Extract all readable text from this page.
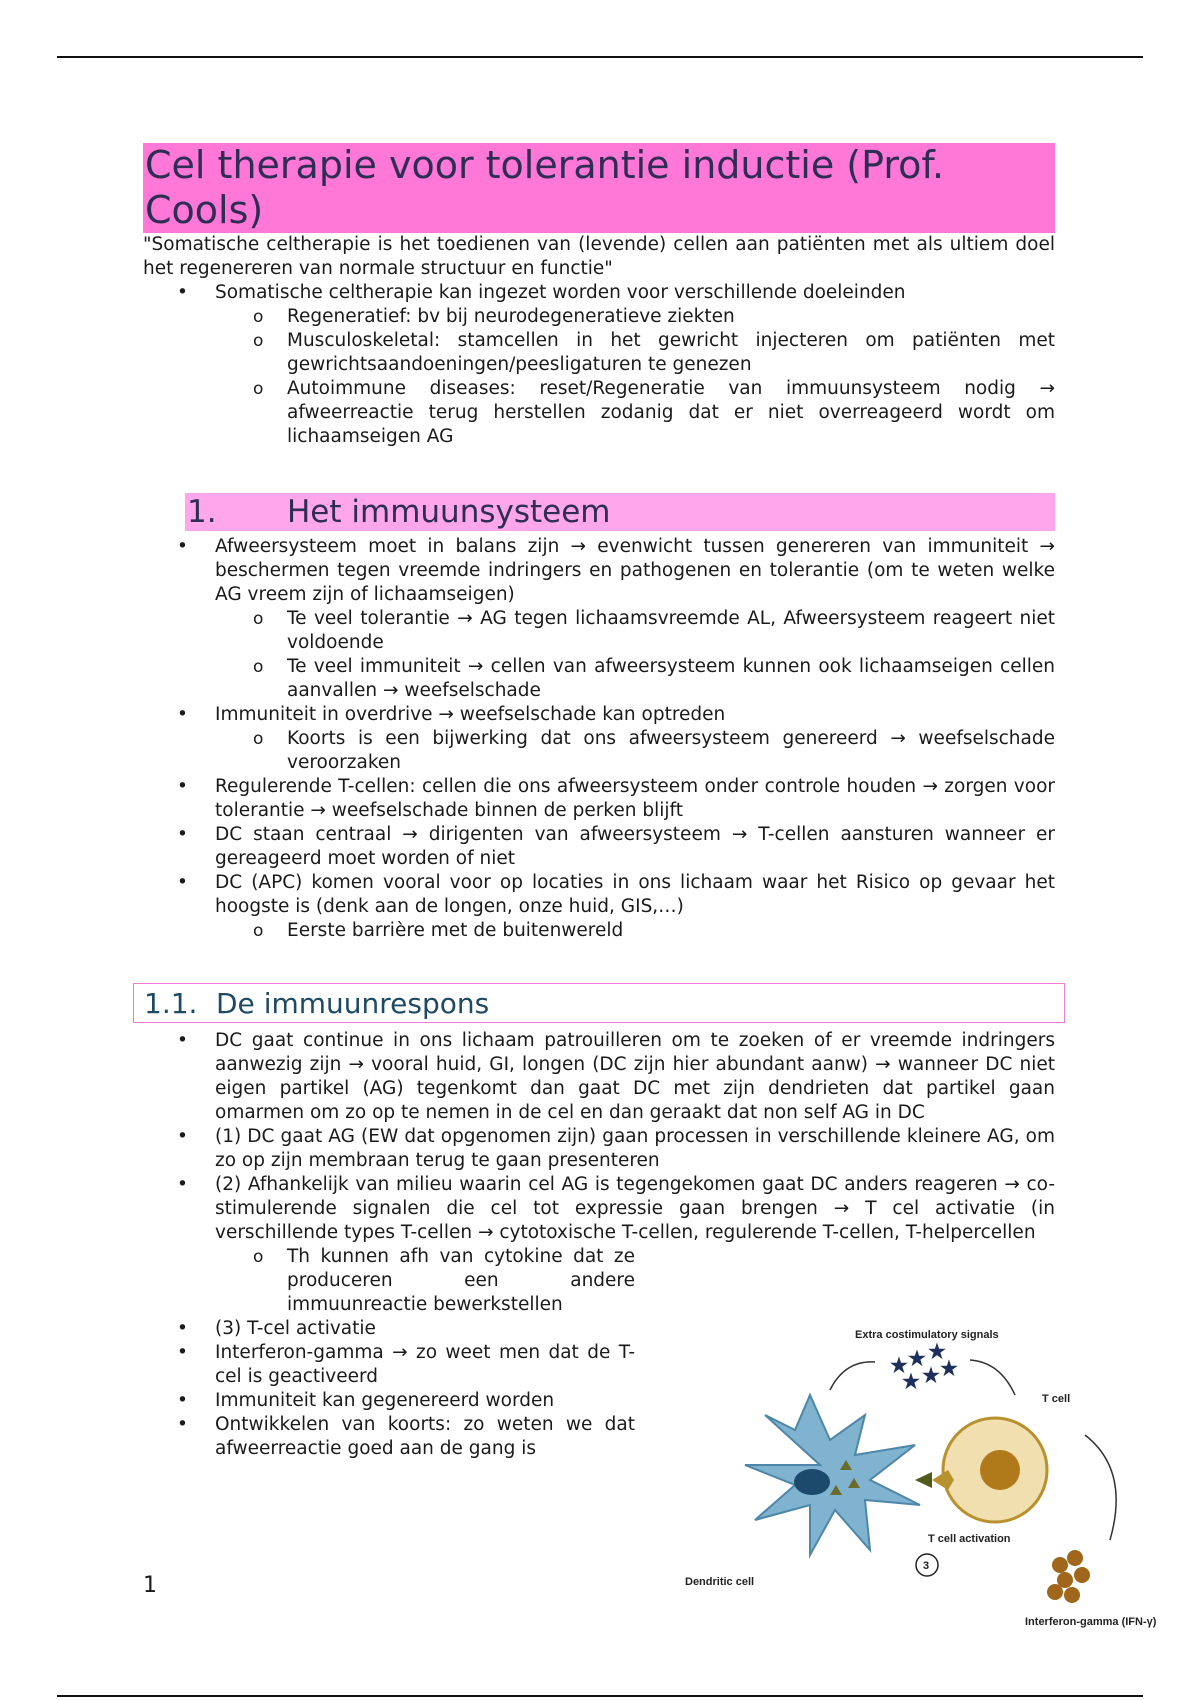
Cel therapie voor tolerantie inductie (Prof. Cools)

"Somatische celtherapie is het toedienen van (levende) cellen aan patiënten met als ultiem doel het regenereren van normale structuur en functie"

• Somatische celtherapie kan ingezet worden voor verschillende doeleinden
o Regeneratief: bv bij neurodegeneratieve ziekten
o Musculoskeletal: stamcellen in het gewricht injecteren om patiënten met gewrichtsaandoeningen/peesligaturen te genezen
o Autoimmune diseases: reset/Regeneratie van immuunsysteem nodig → afweerreactie terug herstellen zodanig dat er niet overreageerd wordt om lichaamseigen AG
1.	Het immuunsysteem
• Afweersysteem moet in balans zijn → evenwicht tussen genereren van immuniteit → beschermen tegen vreemde indringers en pathogenen en tolerantie (om te weten welke AG vreem zijn of lichaamseigen)
o Te veel tolerantie → AG tegen lichaamsvreemde AL, Afweersysteem reageert niet voldoende
o Te veel immuniteit → cellen van afweersysteem kunnen ook lichaamseigen cellen aanvallen → weefselschade
• Immuniteit in overdrive → weefselschade kan optreden
o Koorts is een bijwerking dat ons afweersysteem genereerd → weefselschade veroorzaken
• Regulerende T-cellen: cellen die ons afweersysteem onder controle houden → zorgen voor tolerantie → weefselschade binnen de perken blijft
• DC staan centraal → dirigenten van afweersysteem → T-cellen aansturen wanneer er gereageerd moet worden of niet
• DC (APC) komen vooral voor op locaties in ons lichaam waar het Risico op gevaar het hoogste is (denk aan de longen, onze huid, GIS,…)
o Eerste barrière met de buitenwereld
1.1. De immuunrespons
• DC gaat continue in ons lichaam patrouilleren om te zoeken of er vreemde indringers aanwezig zijn → vooral huid, GI, longen (DC zijn hier abundant aanw) → wanneer DC niet eigen partikel (AG) tegenkomt dan gaat DC met zijn dendrieten dat partikel gaan omarmen om zo op te nemen in de cel en dan geraakt dat non self AG in DC
• (1) DC gaat AG (EW dat opgenomen zijn) gaan processen in verschillende kleinere AG, om zo op zijn membraan terug te gaan presenteren
• (2) Afhankelijk van milieu waarin cel AG is tegengekomen gaat DC anders reageren → co-stimulerende signalen die cel tot expressie gaan brengen → T cel activatie (in verschillende types T-cellen → cytotoxische T-cellen, regulerende T-cellen, T-helpercellen
o Th kunnen afh van cytokine dat ze produceren een andere immuunreactie bewerkstellen
• (3) T-cel activatie
• Interferon-gamma → zo weet men dat de T-cel is geactiveerd
• Immuniteit kan gegenereerd worden
• Ontwikkelen van koorts: zo weten we dat afweerreactie goed aan de gang is
Extra costimulatory signals
★ ★ ★
★ ★ ★
T cell
T cell activation
3
Dendritic cell
Interferon-gamma (IFN-γ)
1
